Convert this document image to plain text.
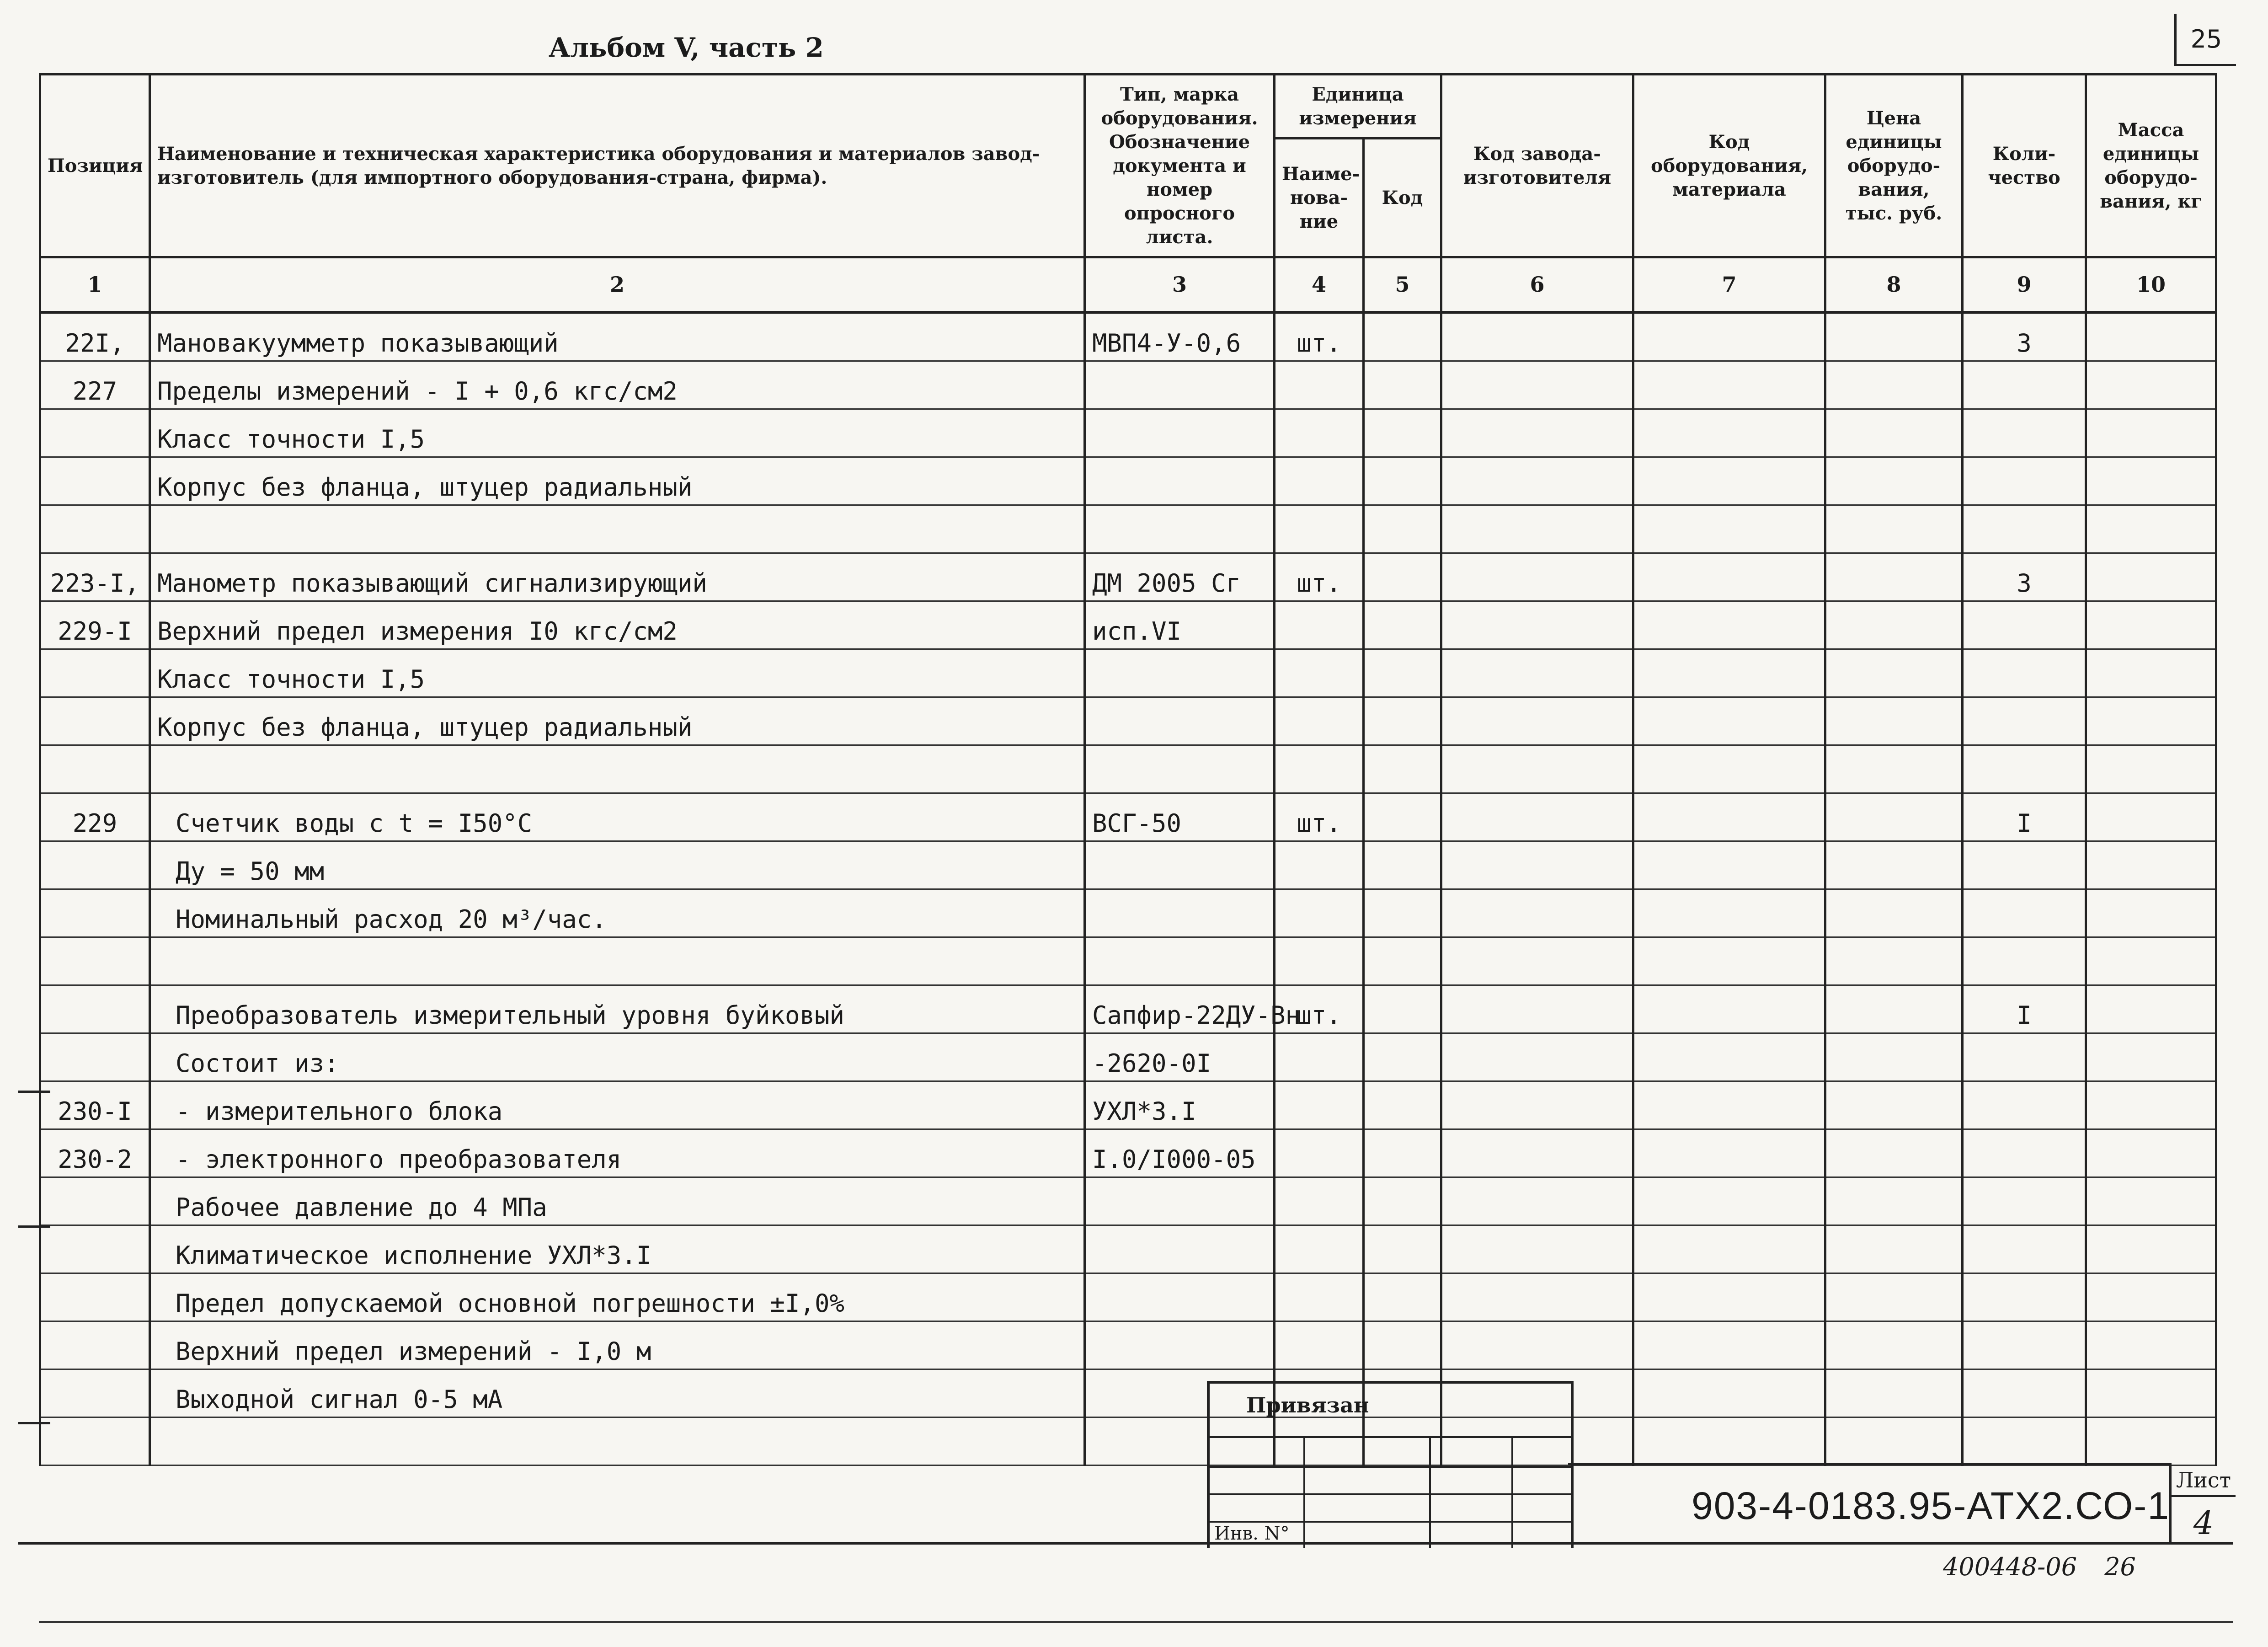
Альбом V, часть 2	25
Позиция	Наименование и техническая характеристика оборудования и материалов завод-изготовитель (для импортного оборудования-страна, фирма).	Тип, марка оборудования. Обозначение документа и номер опросного листа.	Единица измерения		Код завода-изготовителя	Код оборудования, материала	Цена единицы оборудо-вания, тыс. руб.	Коли-чество	Масса единицы оборудо-вания, кг
			Наиме-нова-ние	Код					
1	2	3	4	5	6	7	8	9	10
22I,	Мановакуумметр показывающий	МВП4-У-0,6	шт.					3	
227	Пределы измерений - I + 0,6 кгс/см2								
	Класс точности I,5								
	Корпус без фланца, штуцер радиальный								

223-I,	Манометр показывающий сигнализирующий	ДМ 2005 Сг	шт.					3	
229-I	Верхний предел измерения I0 кгс/см2	исп.VI							
	Класс точности I,5								
	Корпус без фланца, штуцер радиальный								

229	Счетчик воды с t = I50°C	ВСГ-50	шт.					I	
	Ду = 50 мм								
	Номинальный расход 20 м³/час.								

	Преобразователь измерительный уровня буйковый	Сапфир-22ДУ-Вн	шт.					I	
	Состоит из:	-2620-0I							
230-I	- измерительного блока	УХЛ*3.I							
230-2	- электронного преобразователя	I.0/I000-05							
	Рабочее давление до 4 МПа								
	Климатическое исполнение УХЛ*3.I								
	Предел допускаемой основной погрешности ±I,0%								
	Верхний предел измерений - I,0 м								
	Выходной сигнал 0-5 мА								
										Привязан
Инв. N°
903-4-0183.95-АТХ2.СО-1
Лист
4
400448-06 26
